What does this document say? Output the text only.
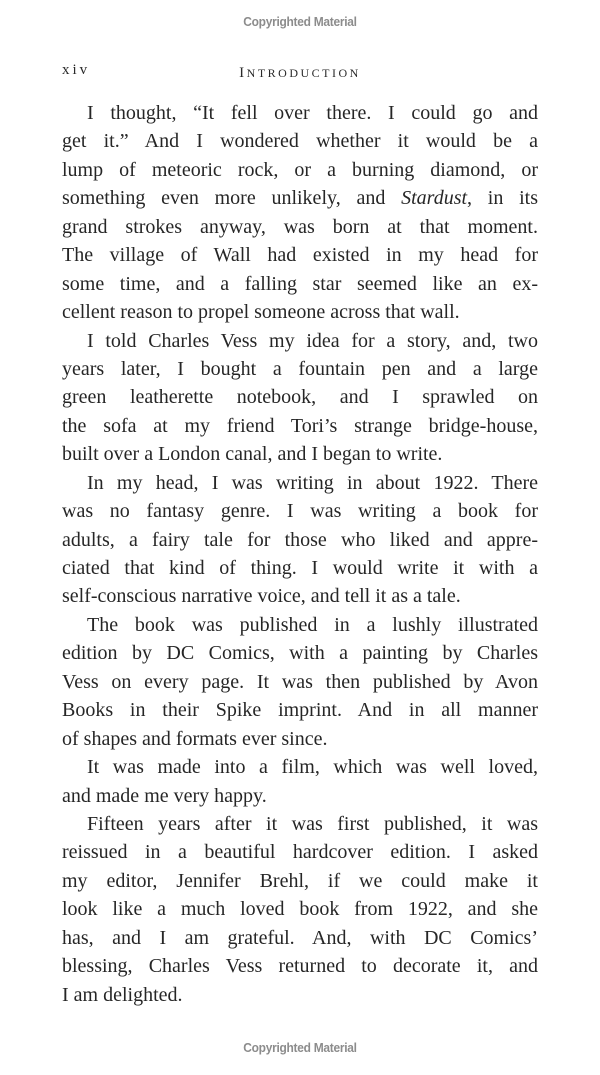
Copyrighted Material
xiv	introduction
I thought, “It fell over there. I could go and
get it.” And I wondered whether it would be a
lump of meteoric rock, or a burning diamond, or
something even more unlikely, and Stardust, in its
grand strokes anyway, was born at that moment.
The village of Wall had existed in my head for
some time, and a falling star seemed like an ex-
cellent reason to propel someone across that wall.
I told Charles Vess my idea for a story, and, two
years later, I bought a fountain pen and a large
green leatherette notebook, and I sprawled on
the sofa at my friend Tori’s strange bridge-house,
built over a London canal, and I began to write.
In my head, I was writing in about 1922. There
was no fantasy genre. I was writing a book for
adults, a fairy tale for those who liked and appre-
ciated that kind of thing. I would write it with a
self-conscious narrative voice, and tell it as a tale.
The book was published in a lushly illustrated
edition by DC Comics, with a painting by Charles
Vess on every page. It was then published by Avon
Books in their Spike imprint. And in all manner
of shapes and formats ever since.
It was made into a film, which was well loved,
and made me very happy.
Fifteen years after it was first published, it was
reissued in a beautiful hardcover edition. I asked
my editor, Jennifer Brehl, if we could make it
look like a much loved book from 1922, and she
has, and I am grateful. And, with DC Comics’
blessing, Charles Vess returned to decorate it, and
I am delighted.
Copyrighted Material
